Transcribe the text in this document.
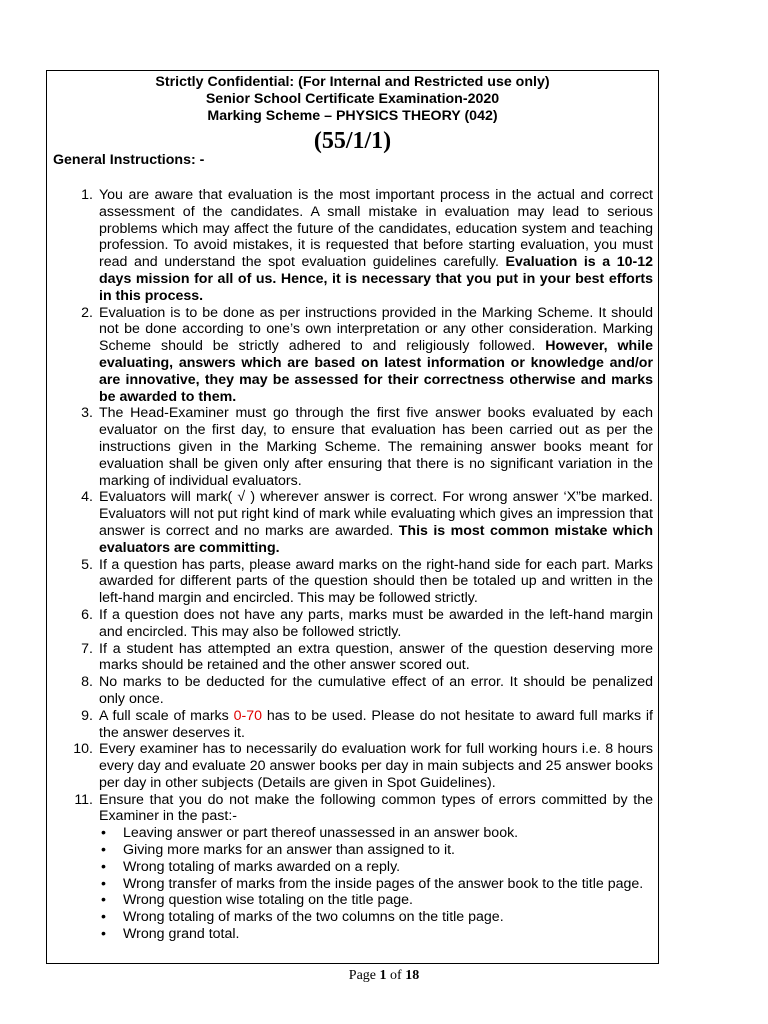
Strictly Confidential: (For Internal and Restricted use only)
Senior School Certificate Examination-2020
Marking Scheme – PHYSICS THEORY (042)
(55/1/1)
General Instructions: -
1. You are aware that evaluation is the most important process in the actual and correct assessment of the candidates. A small mistake in evaluation may lead to serious problems which may affect the future of the candidates, education system and teaching profession. To avoid mistakes, it is requested that before starting evaluation, you must read and understand the spot evaluation guidelines carefully. Evaluation is a 10-12 days mission for all of us. Hence, it is necessary that you put in your best efforts in this process.
2. Evaluation is to be done as per instructions provided in the Marking Scheme. It should not be done according to one’s own interpretation or any other consideration. Marking Scheme should be strictly adhered to and religiously followed. However, while evaluating, answers which are based on latest information or knowledge and/or are innovative, they may be assessed for their correctness otherwise and marks be awarded to them.
3. The Head-Examiner must go through the first five answer books evaluated by each evaluator on the first day, to ensure that evaluation has been carried out as per the instructions given in the Marking Scheme. The remaining answer books meant for evaluation shall be given only after ensuring that there is no significant variation in the marking of individual evaluators.
4. Evaluators will mark( √ ) wherever answer is correct. For wrong answer ‘X”be marked. Evaluators will not put right kind of mark while evaluating which gives an impression that answer is correct and no marks are awarded. This is most common mistake which evaluators are committing.
5. If a question has parts, please award marks on the right-hand side for each part. Marks awarded for different parts of the question should then be totaled up and written in the left-hand margin and encircled. This may be followed strictly.
6. If a question does not have any parts, marks must be awarded in the left-hand margin and encircled. This may also be followed strictly.
7. If a student has attempted an extra question, answer of the question deserving more marks should be retained and the other answer scored out.
8. No marks to be deducted for the cumulative effect of an error. It should be penalized only once.
9. A full scale of marks 0-70 has to be used. Please do not hesitate to award full marks if the answer deserves it.
10. Every examiner has to necessarily do evaluation work for full working hours i.e. 8 hours every day and evaluate 20 answer books per day in main subjects and 25 answer books per day in other subjects (Details are given in Spot Guidelines).
11. Ensure that you do not make the following common types of errors committed by the Examiner in the past:-
• Leaving answer or part thereof unassessed in an answer book.
• Giving more marks for an answer than assigned to it.
• Wrong totaling of marks awarded on a reply.
• Wrong transfer of marks from the inside pages of the answer book to the title page.
• Wrong question wise totaling on the title page.
• Wrong totaling of marks of the two columns on the title page.
• Wrong grand total.
Page 1 of 18
